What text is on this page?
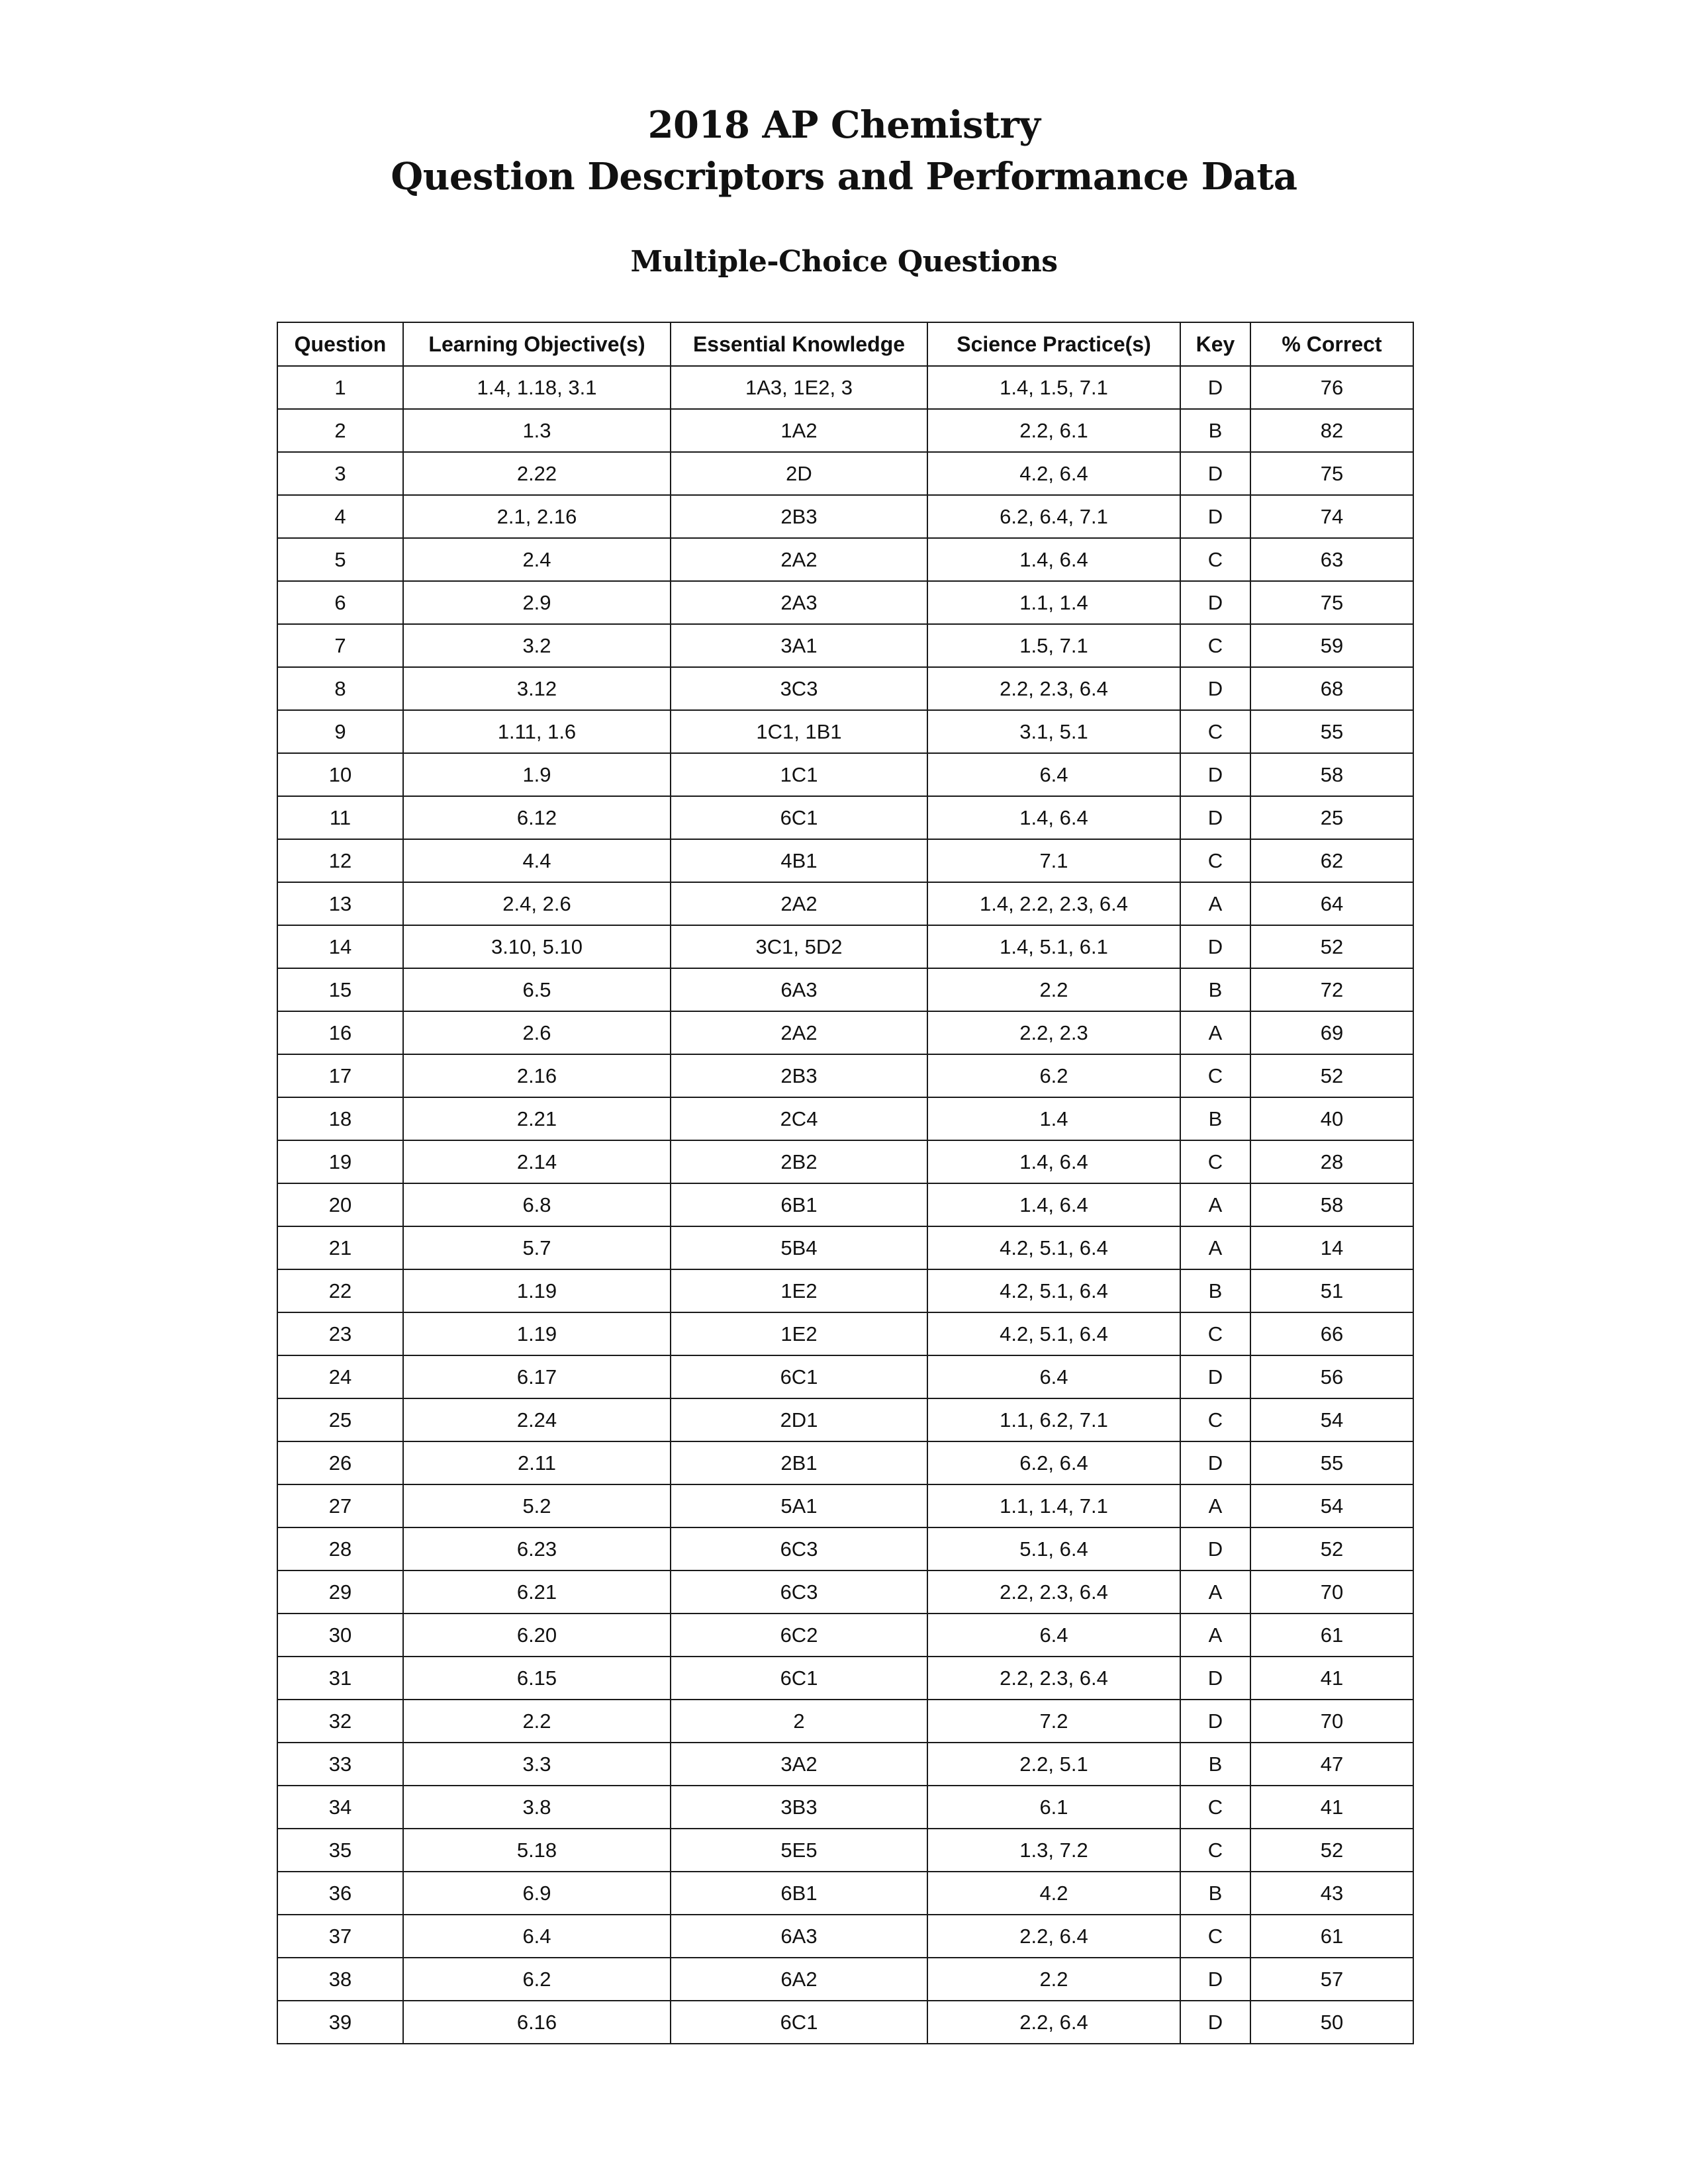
2018 AP Chemistry
Question Descriptors and Performance Data
Multiple-Choice Questions
Question	Learning Objective(s)	Essential Knowledge	Science Practice(s)	Key	% Correct
1	1.4, 1.18, 3.1	1A3, 1E2, 3	1.4, 1.5, 7.1	D	76
2	1.3	1A2	2.2, 6.1	B	82
3	2.22	2D	4.2, 6.4	D	75
4	2.1, 2.16	2B3	6.2, 6.4, 7.1	D	74
5	2.4	2A2	1.4, 6.4	C	63
6	2.9	2A3	1.1, 1.4	D	75
7	3.2	3A1	1.5, 7.1	C	59
8	3.12	3C3	2.2, 2.3, 6.4	D	68
9	1.11, 1.6	1C1, 1B1	3.1, 5.1	C	55
10	1.9	1C1	6.4	D	58
11	6.12	6C1	1.4, 6.4	D	25
12	4.4	4B1	7.1	C	62
13	2.4, 2.6	2A2	1.4, 2.2, 2.3, 6.4	A	64
14	3.10, 5.10	3C1, 5D2	1.4, 5.1, 6.1	D	52
15	6.5	6A3	2.2	B	72
16	2.6	2A2	2.2, 2.3	A	69
17	2.16	2B3	6.2	C	52
18	2.21	2C4	1.4	B	40
19	2.14	2B2	1.4, 6.4	C	28
20	6.8	6B1	1.4, 6.4	A	58
21	5.7	5B4	4.2, 5.1, 6.4	A	14
22	1.19	1E2	4.2, 5.1, 6.4	B	51
23	1.19	1E2	4.2, 5.1, 6.4	C	66
24	6.17	6C1	6.4	D	56
25	2.24	2D1	1.1, 6.2, 7.1	C	54
26	2.11	2B1	6.2, 6.4	D	55
27	5.2	5A1	1.1, 1.4, 7.1	A	54
28	6.23	6C3	5.1, 6.4	D	52
29	6.21	6C3	2.2, 2.3, 6.4	A	70
30	6.20	6C2	6.4	A	61
31	6.15	6C1	2.2, 2.3, 6.4	D	41
32	2.2	2	7.2	D	70
33	3.3	3A2	2.2, 5.1	B	47
34	3.8	3B3	6.1	C	41
35	5.18	5E5	1.3, 7.2	C	52
36	6.9	6B1	4.2	B	43
37	6.4	6A3	2.2, 6.4	C	61
38	6.2	6A2	2.2	D	57
39	6.16	6C1	2.2, 6.4	D	50
